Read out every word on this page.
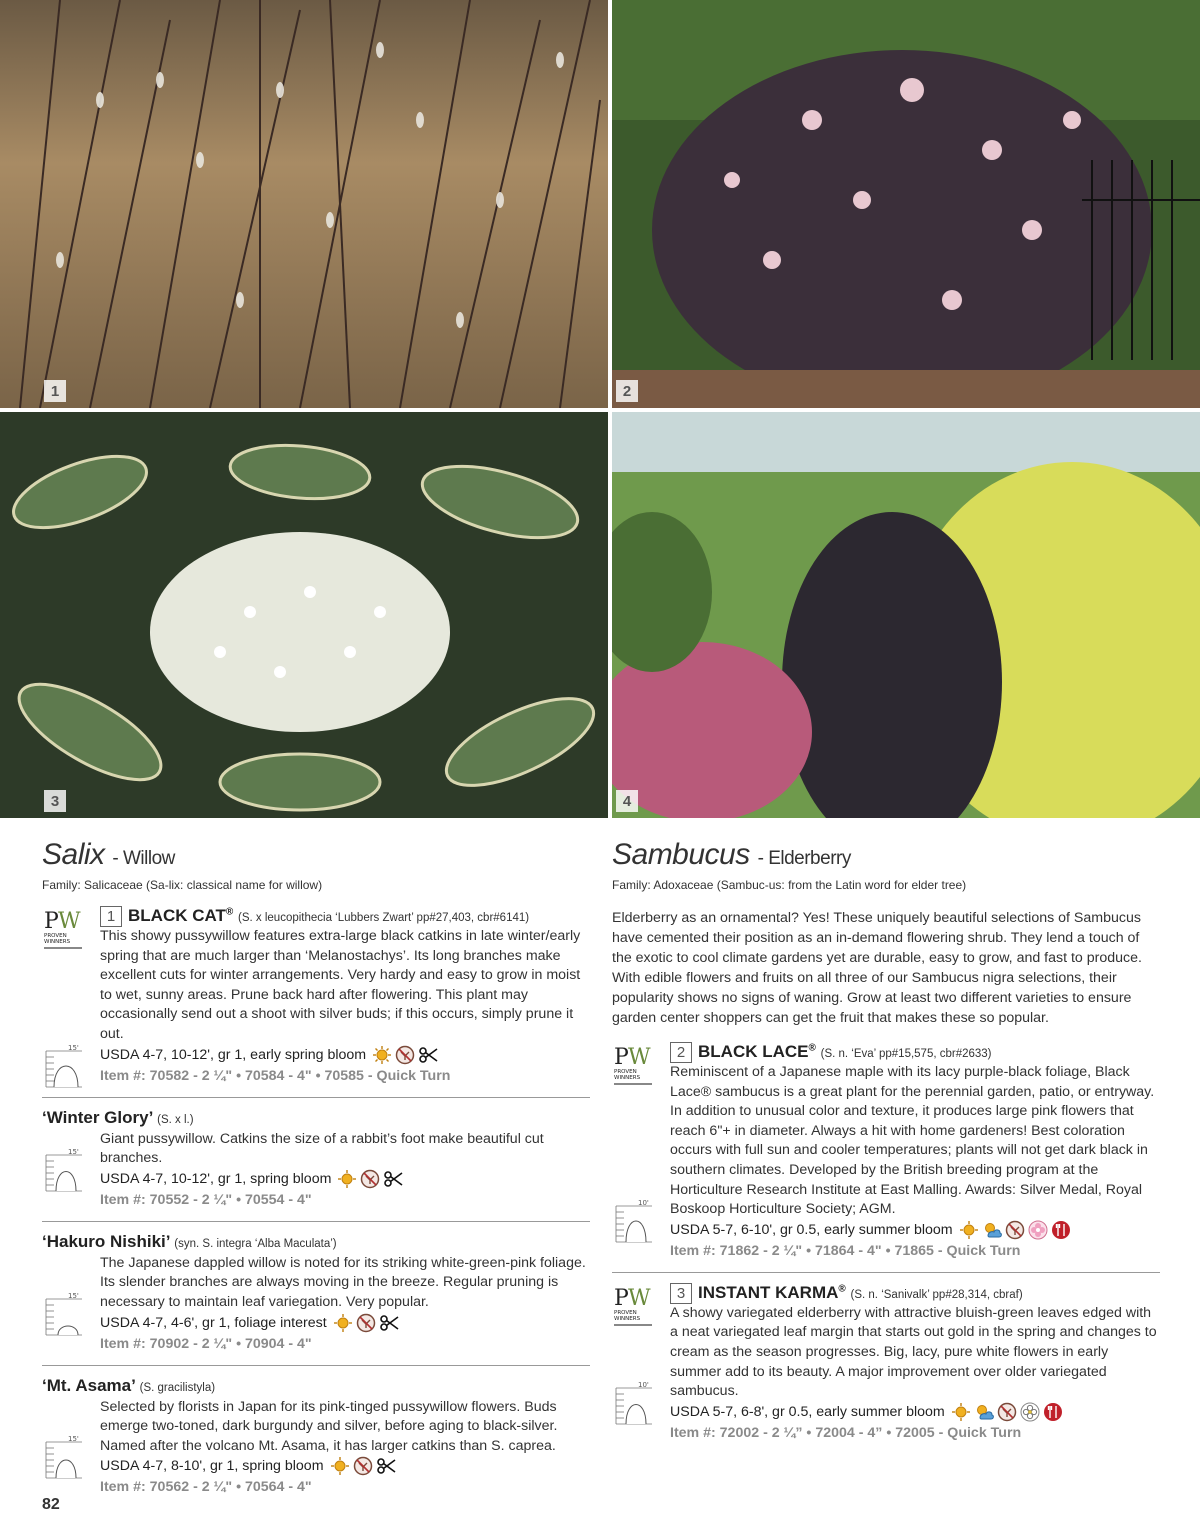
1	2
3	4
Salix - Willow
Family: Salicaceae (Sa-lix: classical name for willow)
P W
PROVEN
WINNERS
1 BLACK CAT® (S. x leucopithecia ‘Lubbers Zwart’ pp#27,403, cbr#6141)
This showy pussywillow features extra-large black catkins in late winter/early spring that are much larger than ‘Melanostachys’. Its long branches make excellent cuts for winter arrangements. Very hardy and easy to grow in moist to wet, sunny areas. Prune back hard after flowering. This plant may occasionally send out a shoot with silver buds; if this occurs, simply prune it out.
15' USDA 4-7, 10-12', gr 1, early spring bloom
Item #: 70582 - 2 ¼" • 70584 - 4" • 70585 - Quick Turn
‘Winter Glory’ (S. x l.)
Giant pussywillow. Catkins the size of a rabbit’s foot make beautiful cut branches.
15'
USDA 4-7, 10-12', gr 1, spring bloom
Item #: 70552 - 2 ¼" • 70554 - 4"
‘Hakuro Nishiki’ (syn. S. integra ‘Alba Maculata’)
The Japanese dappled willow is noted for its striking white-green-pink foliage. Its slender branches are always moving in the breeze. Regular pruning is necessary to maintain leaf variegation. Very popular.
15'
USDA 4-7, 4-6', gr 1, foliage interest
Item #: 70902 - 2 ¼" • 70904 - 4"
‘Mt. Asama’ (S. gracilistyla)
Selected by florists in Japan for its pink-tinged pussywillow flowers. Buds emerge two-toned, dark burgundy and silver, before aging to black-silver. Named after the volcano Mt. Asama, it has larger catkins than S. caprea.
15'
USDA 4-7, 8-10', gr 1, spring bloom
Item #: 70562 - 2 ¼" • 70564 - 4"
Sambucus - Elderberry
Family: Adoxaceae (Sambuc-us: from the Latin word for elder tree)
Elderberry as an ornamental? Yes! These uniquely beautiful selections of Sambucus have cemented their position as an in-demand flowering shrub. They lend a touch of the exotic to cool climate gardens yet are durable, easy to grow, and fast to produce. With edible flowers and fruits on all three of our Sambucus nigra selections, their popularity shows no signs of waning. Grow at least two different varieties to ensure garden center shoppers can get the fruit that makes these so popular.
P W
PROVEN
WINNERS
2 BLACK LACE® (S. n. ‘Eva’ pp#15,575, cbr#2633)
Reminiscent of a Japanese maple with its lacy purple-black foliage, Black Lace® sambucus is a great plant for the perennial garden, patio, or entryway. In addition to unusual color and texture, it produces large pink flowers that reach 6"+ in diameter. Always a hit with home gardeners! Best coloration occurs with full sun and cooler temperatures; plants will not get dark black in southern climates. Developed by the British breeding program at the Horticulture Research Institute at East Malling. Awards: Silver Medal, Royal Boskoop Horticulture Society; AGM.
10'
USDA 5-7, 6-10', gr 0.5, early summer bloom
Item #: 71862 - 2 ¼" • 71864 - 4" • 71865 - Quick Turn
P W
PROVEN
WINNERS
3 INSTANT KARMA® (S. n. ‘Sanivalk’ pp#28,314, cbraf)
A showy variegated elderberry with attractive bluish-green leaves edged with a neat variegated leaf margin that starts out gold in the spring and changes to cream as the season progresses. Big, lacy, pure white flowers in early summer add to its beauty. A major improvement over older variegated sambucus.
10'
USDA 5-7, 6-8', gr 0.5, early summer bloom
Item #: 72002 - 2 ¼” • 72004 - 4” • 72005 - Quick Turn
82
